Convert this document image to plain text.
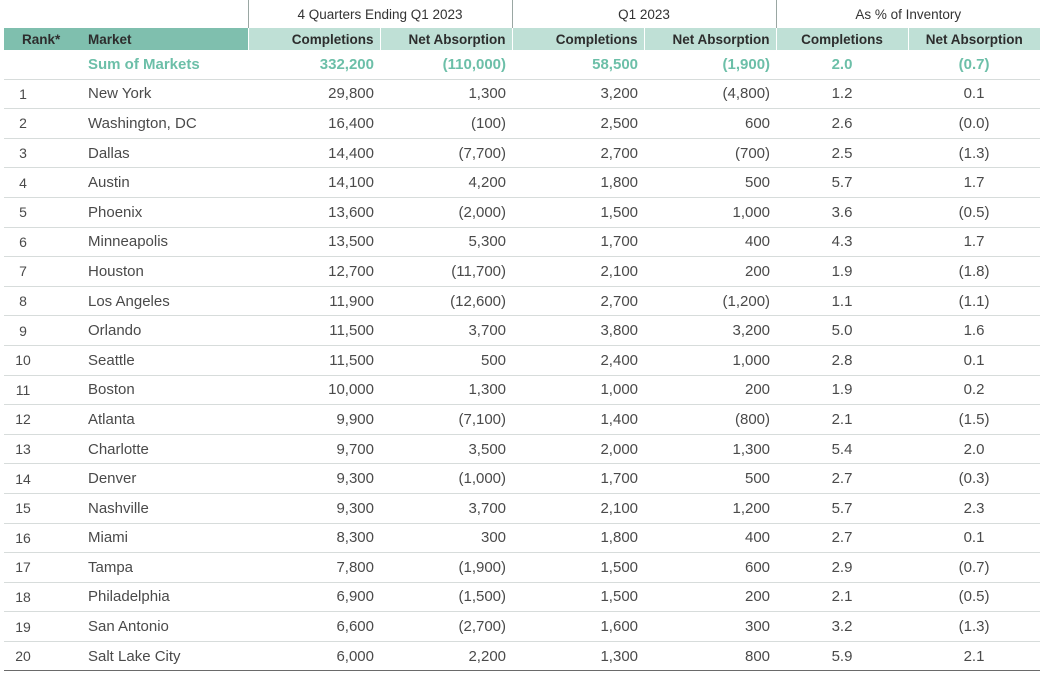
		4 Quarters Ending Q1 2023		Q1 2023		As % of Inventory	
Rank*	Market	Completions	Net Absorption	Completions	Net Absorption	Completions	Net Absorption
	Sum of Markets	332,200	(110,000)	58,500	(1,900)	2.0	(0.7)
1	New York	29,800	1,300	3,200	(4,800)	1.2	0.1
2	Washington, DC	16,400	(100)	2,500	600	2.6	(0.0)
3	Dallas	14,400	(7,700)	2,700	(700)	2.5	(1.3)
4	Austin	14,100	4,200	1,800	500	5.7	1.7
5	Phoenix	13,600	(2,000)	1,500	1,000	3.6	(0.5)
6	Minneapolis	13,500	5,300	1,700	400	4.3	1.7
7	Houston	12,700	(11,700)	2,100	200	1.9	(1.8)
8	Los Angeles	11,900	(12,600)	2,700	(1,200)	1.1	(1.1)
9	Orlando	11,500	3,700	3,800	3,200	5.0	1.6
10	Seattle	11,500	500	2,400	1,000	2.8	0.1
11	Boston	10,000	1,300	1,000	200	1.9	0.2
12	Atlanta	9,900	(7,100)	1,400	(800)	2.1	(1.5)
13	Charlotte	9,700	3,500	2,000	1,300	5.4	2.0
14	Denver	9,300	(1,000)	1,700	500	2.7	(0.3)
15	Nashville	9,300	3,700	2,100	1,200	5.7	2.3
16	Miami	8,300	300	1,800	400	2.7	0.1
17	Tampa	7,800	(1,900)	1,500	600	2.9	(0.7)
18	Philadelphia	6,900	(1,500)	1,500	200	2.1	(0.5)
19	San Antonio	6,600	(2,700)	1,600	300	3.2	(1.3)
20	Salt Lake City	6,000	2,200	1,300	800	5.9	2.1
